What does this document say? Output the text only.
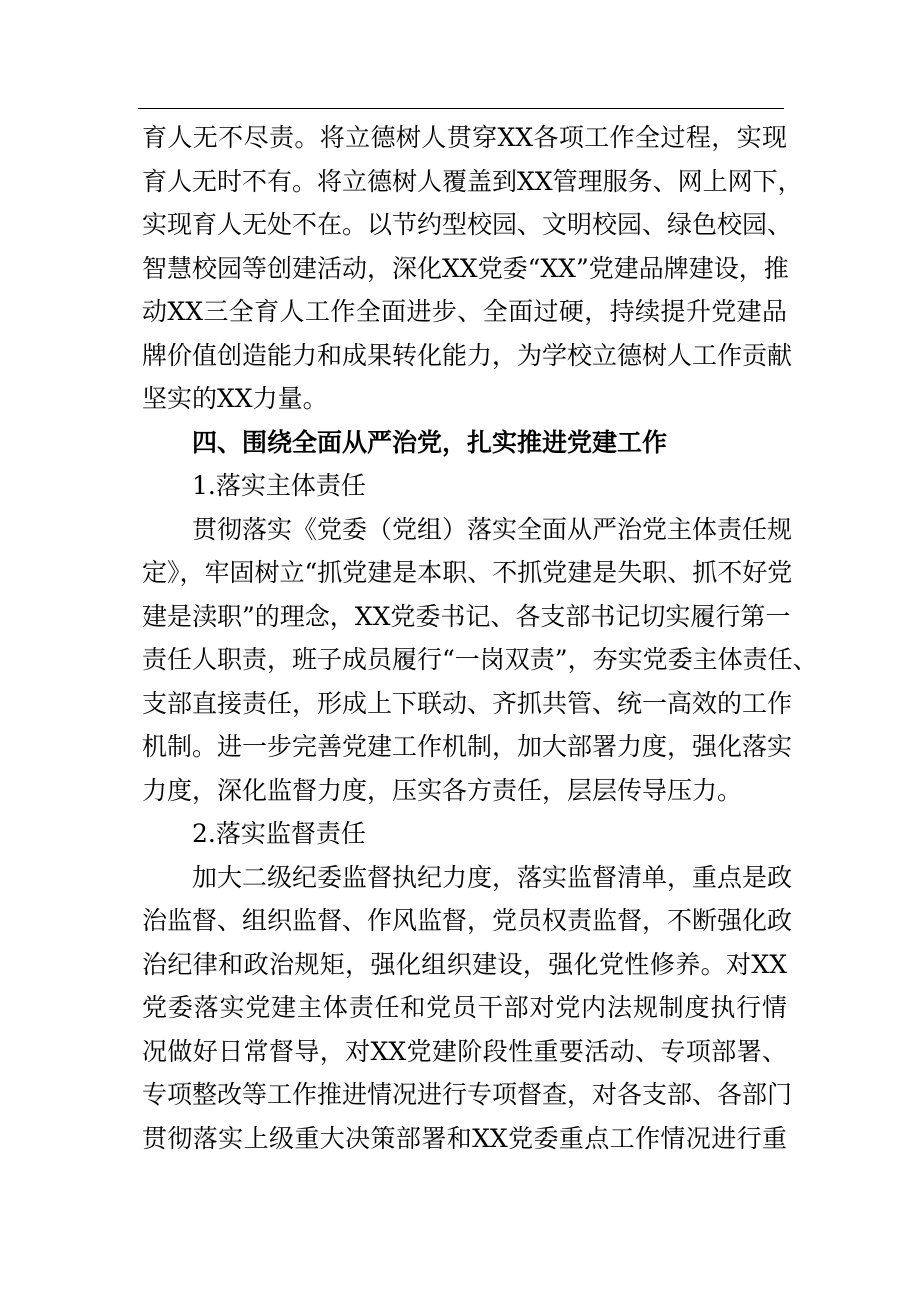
育人无不尽责。将立德树人贯穿XX各项工作全过程，实现
育人无时不有。将立德树人覆盖到XX管理服务、网上网下，
实现育人无处不在。以节约型校园、文明校园、绿色校园、
智慧校园等创建活动，深化XX党委“XX”党建品牌建设，推
动XX三全育人工作全面进步、全面过硬，持续提升党建品
牌价值创造能力和成果转化能力，为学校立德树人工作贡献
坚实的XX力量。
四、围绕全面从严治党，扎实推进党建工作
1.落实主体责任
贯彻落实《党委（党组）落实全面从严治党主体责任规
定》，牢固树立“抓党建是本职、不抓党建是失职、抓不好党
建是渎职”的理念，XX党委书记、各支部书记切实履行第一
责任人职责，班子成员履行“一岗双责”，夯实党委主体责任、
支部直接责任，形成上下联动、齐抓共管、统一高效的工作
机制。进一步完善党建工作机制，加大部署力度，强化落实
力度，深化监督力度，压实各方责任，层层传导压力。
2.落实监督责任
加大二级纪委监督执纪力度，落实监督清单，重点是政
治监督、组织监督、作风监督，党员权责监督，不断强化政
治纪律和政治规矩，强化组织建设，强化党性修养。对XX
党委落实党建主体责任和党员干部对党内法规制度执行情
况做好日常督导，对XX党建阶段性重要活动、专项部署、
专项整改等工作推进情况进行专项督查，对各支部、各部门
贯彻落实上级重大决策部署和XX党委重点工作情况进行重
